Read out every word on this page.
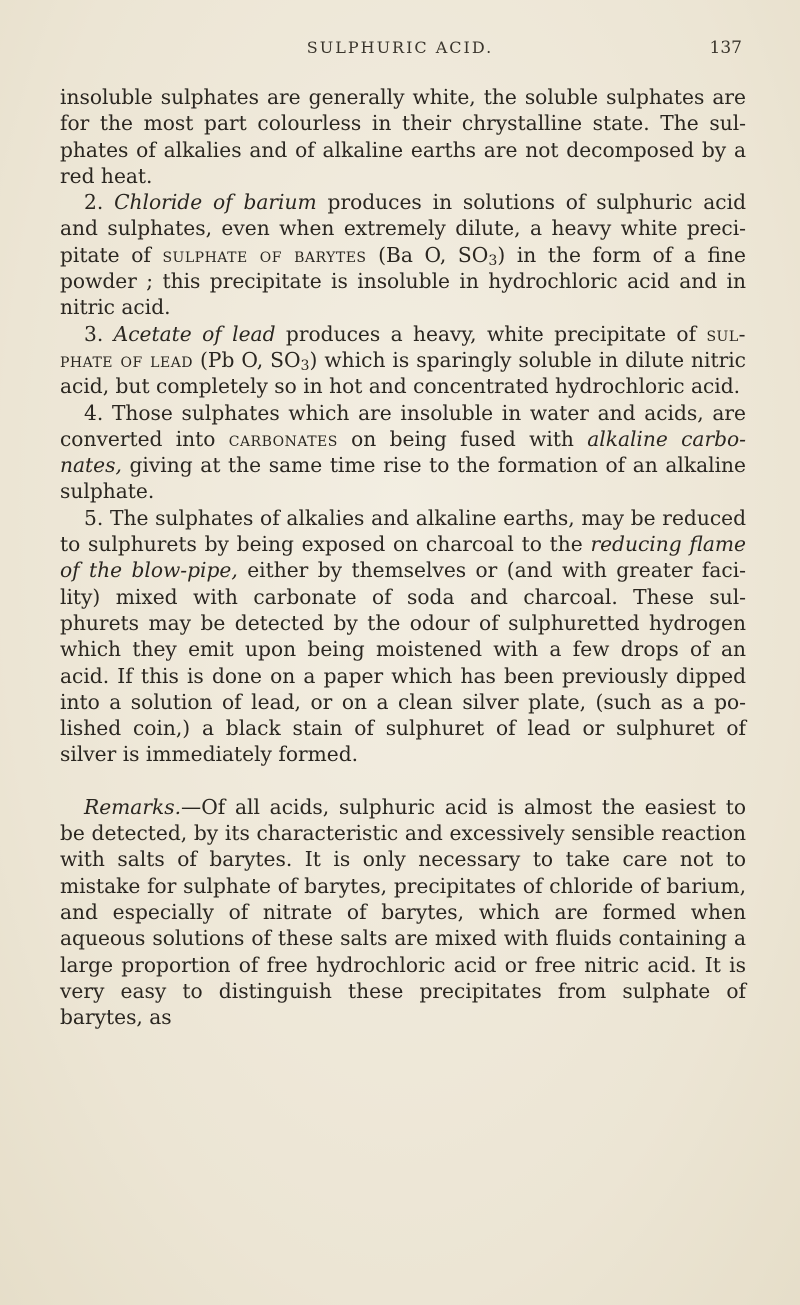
SULPHURIC ACID.	137

insoluble sulphates are generally white, the soluble sulphates are for the most part colourless in their chrystalline state. The sul- phates of alkalies and of alkaline earths are not decomposed by a red heat.

2. Chloride of barium produces in solutions of sulphuric acid and sulphates, even when extremely dilute, a heavy white preci- pitate of sulphate of barytes (Ba O, $SO_3$) in the form of a fine powder ; this precipitate is insoluble in hydrochloric acid and in nitric acid.

3. Acetate of lead produces a heavy, white precipitate of sul- phate of lead (Pb O, $SO_3$) which is sparingly soluble in dilute nitric acid, but completely so in hot and concentrated hydrochloric acid.

4. Those sulphates which are insoluble in water and acids, are converted into carbonates on being fused with alkaline carbo- nates, giving at the same time rise to the formation of an alkaline sulphate.

5. The sulphates of alkalies and alkaline earths, may be reduced to sulphurets by being exposed on charcoal to the reducing flame of the blow-pipe, either by themselves or (and with greater faci- lity) mixed with carbonate of soda and charcoal. These sul- phurets may be detected by the odour of sulphuretted hydrogen which they emit upon being moistened with a few drops of an acid. If this is done on a paper which has been previously dipped into a solution of lead, or on a clean silver plate, (such as a po- lished coin,) a black stain of sulphuret of lead or sulphuret of silver is immediately formed.

Remarks.—Of all acids, sulphuric acid is almost the easiest to be detected, by its characteristic and excessively sensible reaction with salts of barytes. It is only necessary to take care not to mistake for sulphate of barytes, precipitates of chloride of barium, and especially of nitrate of barytes, which are formed when aqueous solutions of these salts are mixed with fluids containing a large proportion of free hydrochloric acid or free nitric acid. It is very easy to distinguish these precipitates from sulphate of barytes, as
